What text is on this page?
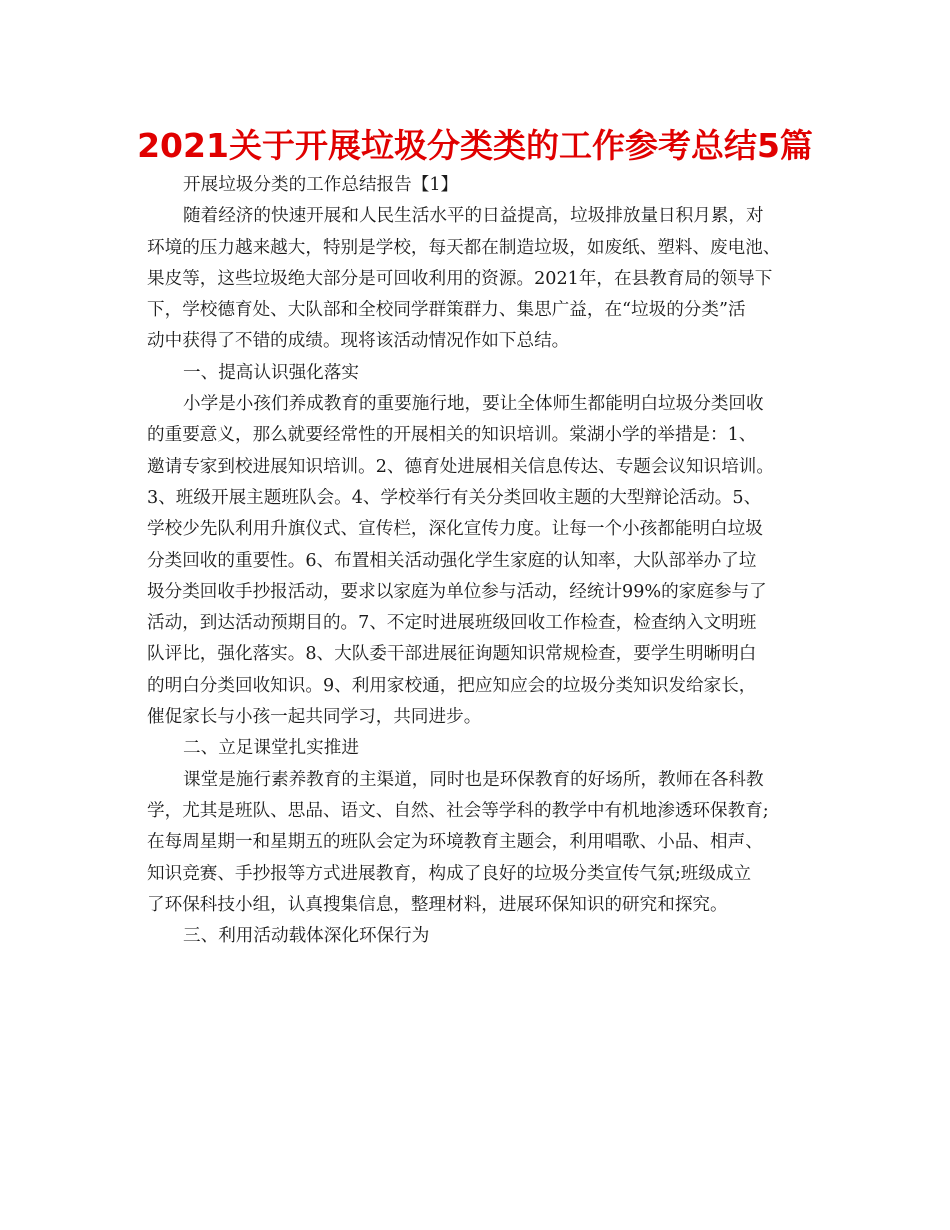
2021关于开展垃圾分类类的工作参考总结5篇
开展垃圾分类的工作总结报告【1】
随着经济的快速开展和人民生活水平的日益提高，垃圾排放量日积月累，对
环境的压力越来越大，特别是学校，每天都在制造垃圾，如废纸、塑料、废电池、
果皮等，这些垃圾绝大部分是可回收利用的资源。2021年，在县教育局的领导下
下，学校德育处、大队部和全校同学群策群力、集思广益，在“垃圾的分类”活
动中获得了不错的成绩。现将该活动情况作如下总结。
一、提高认识强化落实
小学是小孩们养成教育的重要施行地，要让全体师生都能明白垃圾分类回收
的重要意义，那么就要经常性的开展相关的知识培训。棠湖小学的举措是：1、
邀请专家到校进展知识培训。2、德育处进展相关信息传达、专题会议知识培训。
3、班级开展主题班队会。4、学校举行有关分类回收主题的大型辩论活动。5、
学校少先队利用升旗仪式、宣传栏，深化宣传力度。让每一个小孩都能明白垃圾
分类回收的重要性。6、布置相关活动强化学生家庭的认知率，大队部举办了垃
圾分类回收手抄报活动，要求以家庭为单位参与活动，经统计99%的家庭参与了
活动，到达活动预期目的。7、不定时进展班级回收工作检查，检查纳入文明班
队评比，强化落实。8、大队委干部进展征询题知识常规检查，要学生明晰明白
的明白分类回收知识。9、利用家校通，把应知应会的垃圾分类知识发给家长，
催促家长与小孩一起共同学习，共同进步。
二、立足课堂扎实推进
课堂是施行素养教育的主渠道，同时也是环保教育的好场所，教师在各科教
学，尤其是班队、思品、语文、自然、社会等学科的教学中有机地渗透环保教育;
在每周星期一和星期五的班队会定为环境教育主题会，利用唱歌、小品、相声、
知识竞赛、手抄报等方式进展教育，构成了良好的垃圾分类宣传气氛;班级成立
了环保科技小组，认真搜集信息，整理材料，进展环保知识的研究和探究。
三、利用活动载体深化环保行为
